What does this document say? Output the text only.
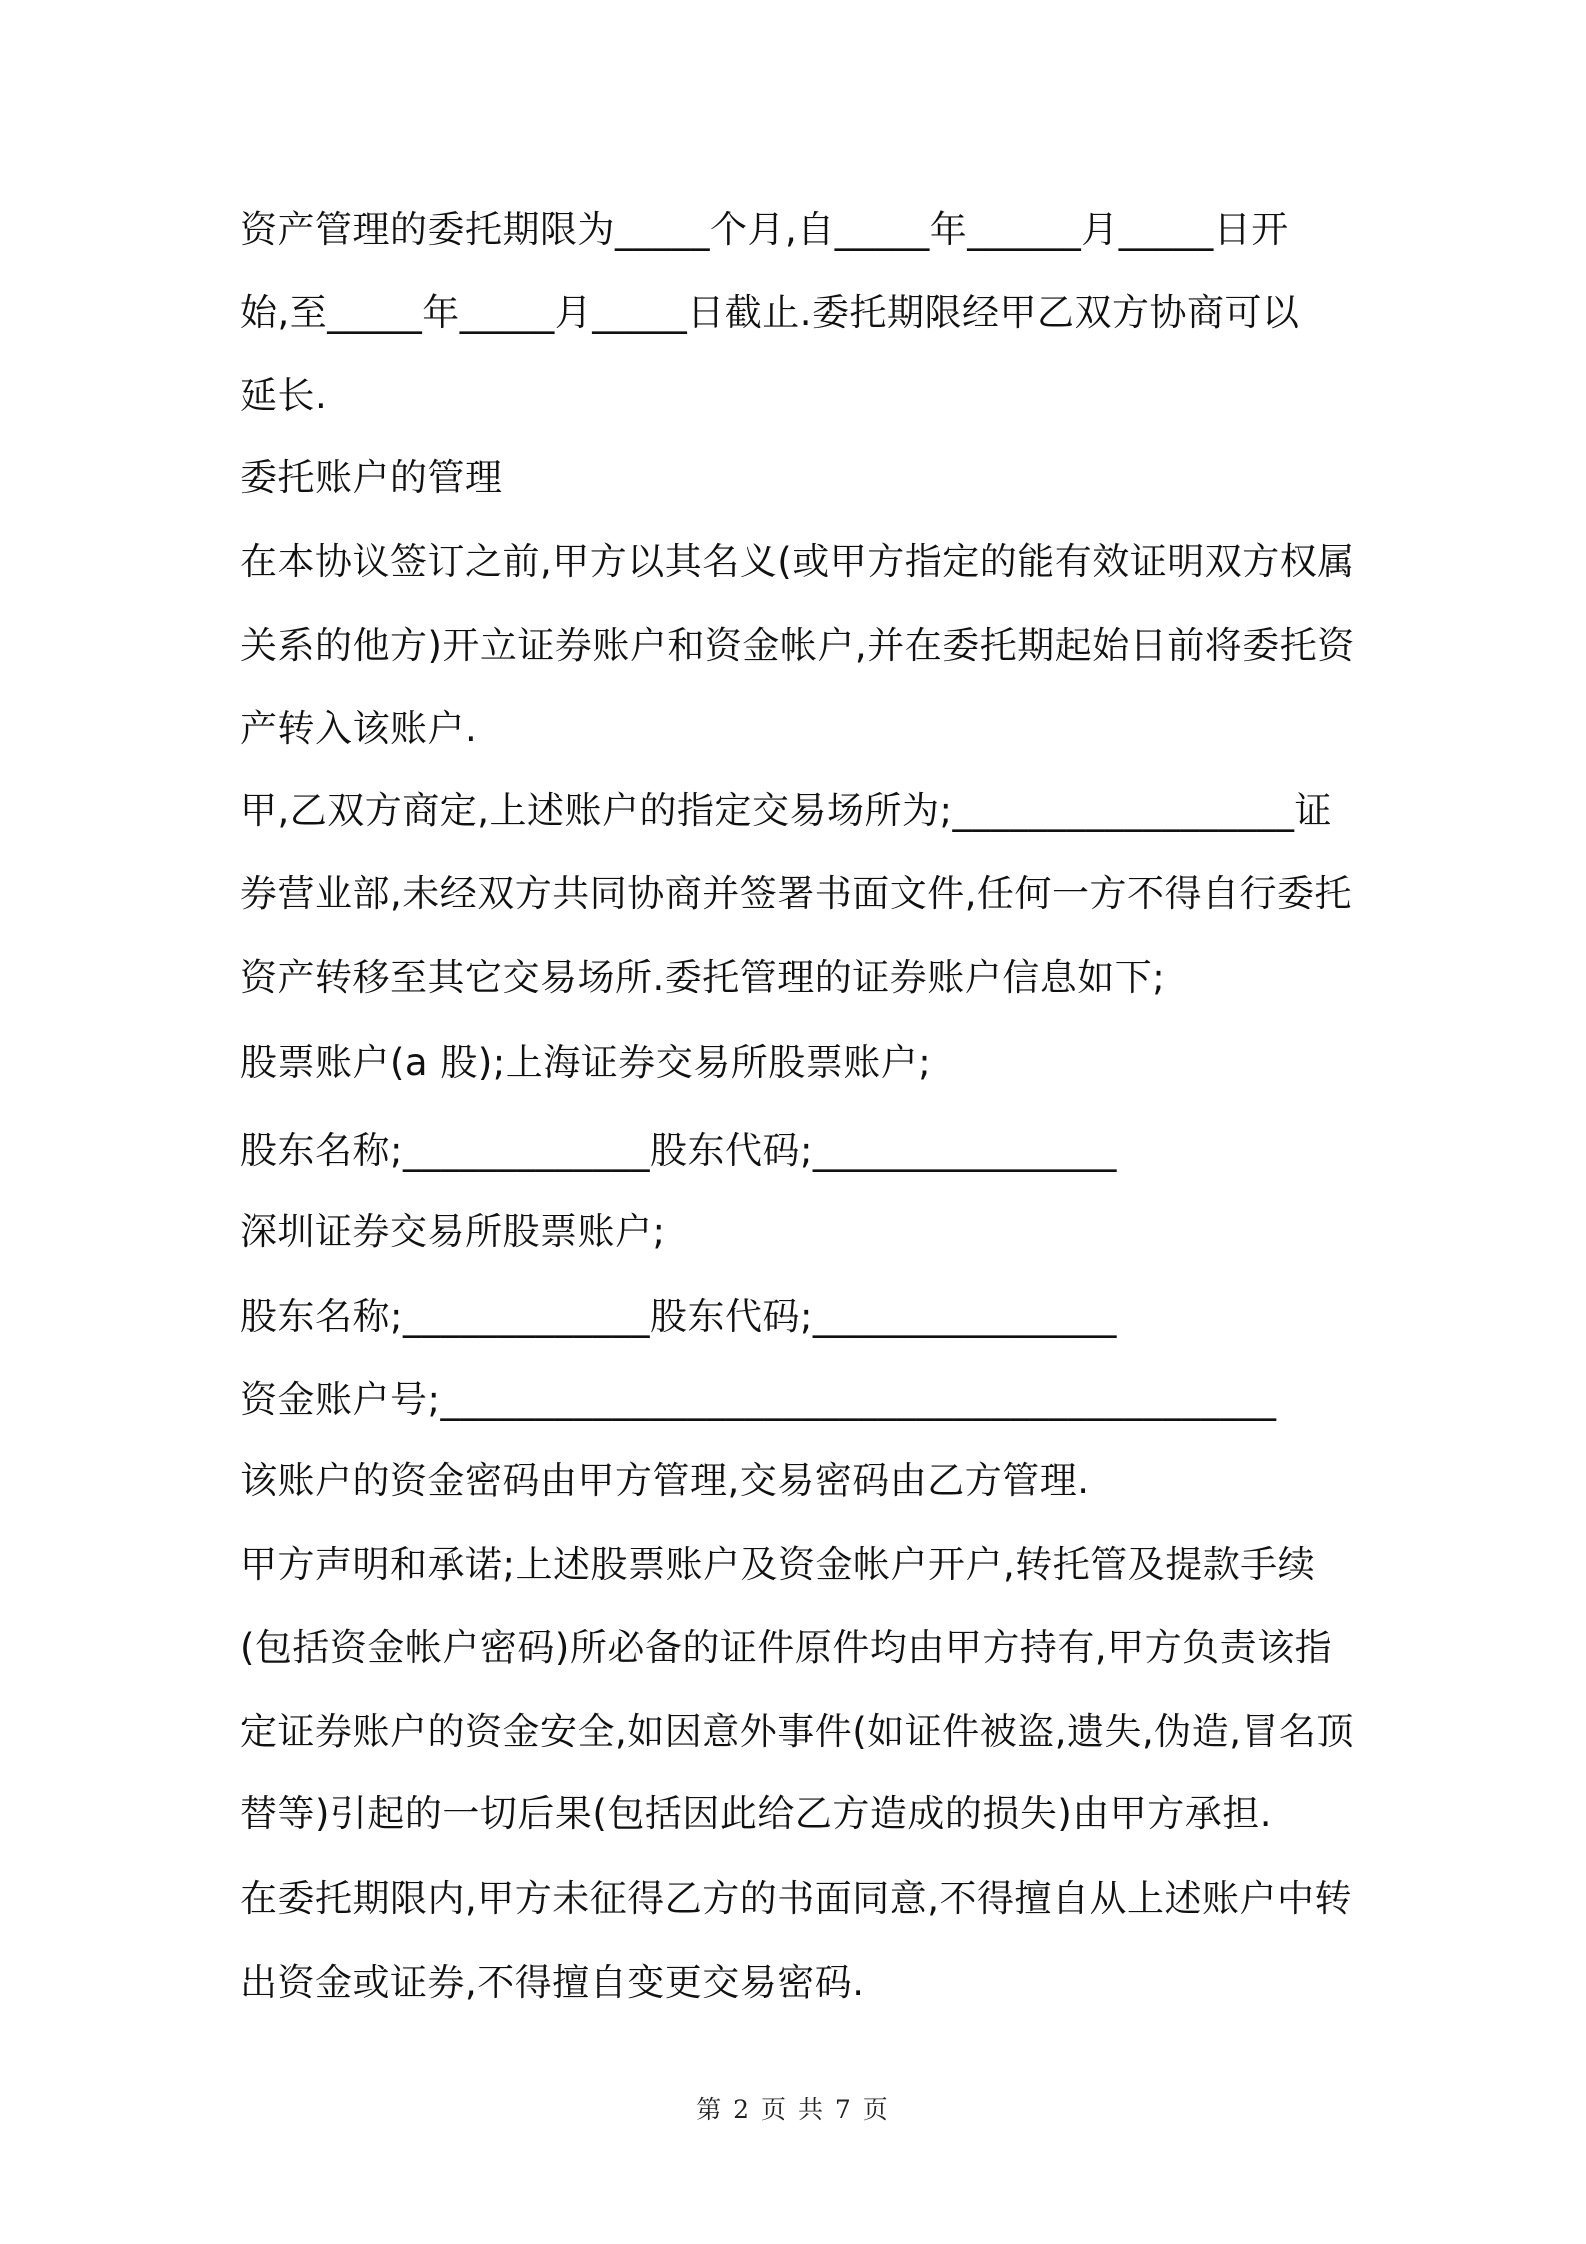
资产管理的委托期限为_____个月,自_____年______月_____日开
始,至_____年_____月_____日截止.委托期限经甲乙双方协商可以
延长.
委托账户的管理
在本协议签订之前,甲方以其名义(或甲方指定的能有效证明双方权属
关系的他方)开立证券账户和资金帐户,并在委托期起始日前将委托资
产转入该账户.
甲,乙双方商定,上述账户的指定交易场所为;__________________证
券营业部,未经双方共同协商并签署书面文件,任何一方不得自行委托
资产转移至其它交易场所.委托管理的证券账户信息如下;
股票账户(a 股);上海证券交易所股票账户;
股东名称;_____________股东代码;________________
深圳证券交易所股票账户;
股东名称;_____________股东代码;________________
资金账户号;____________________________________________
该账户的资金密码由甲方管理,交易密码由乙方管理.
甲方声明和承诺;上述股票账户及资金帐户开户,转托管及提款手续
(包括资金帐户密码)所必备的证件原件均由甲方持有,甲方负责该指
定证券账户的资金安全,如因意外事件(如证件被盗,遗失,伪造,冒名顶
替等)引起的一切后果(包括因此给乙方造成的损失)由甲方承担.
在委托期限内,甲方未征得乙方的书面同意,不得擅自从上述账户中转
出资金或证券,不得擅自变更交易密码.
第 2 页 共 7 页
